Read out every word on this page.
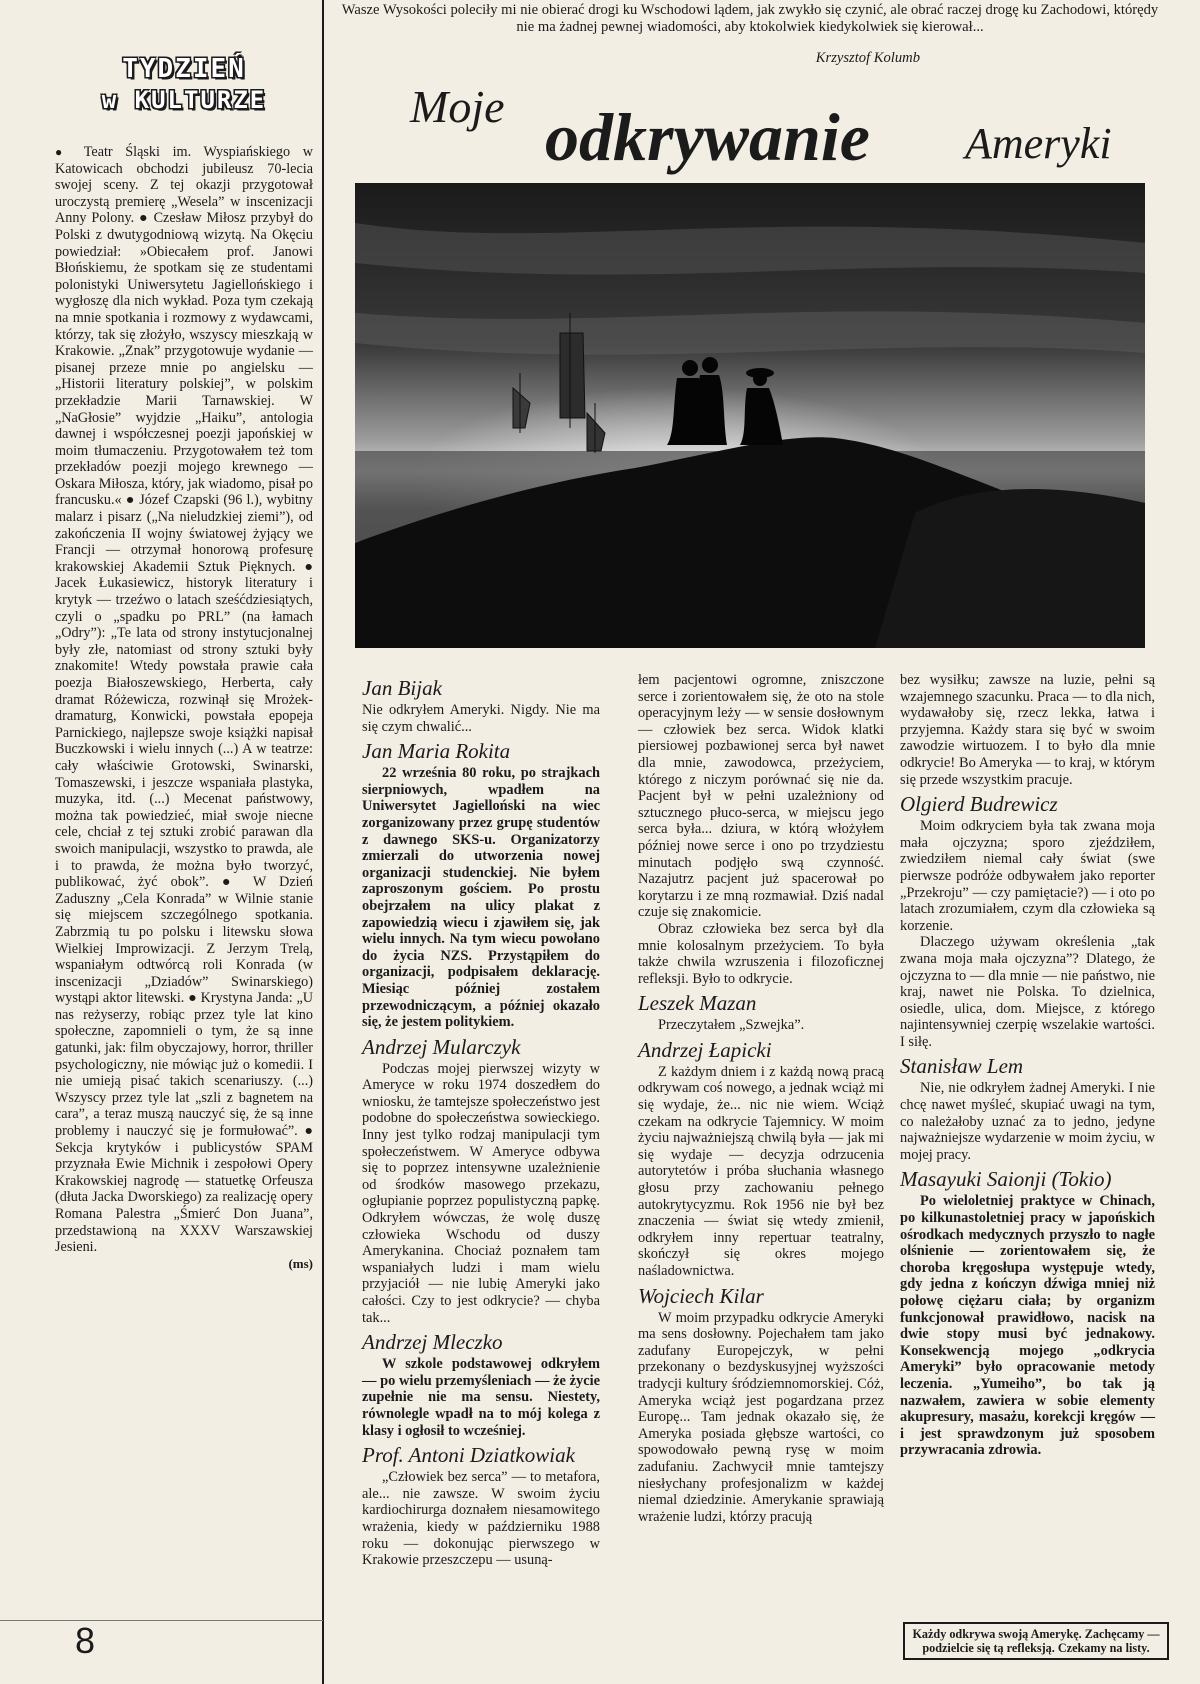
TYDZIEŃ
w KULTURZE
● Teatr Śląski im. Wyspiańskiego w Katowicach obchodzi jubileusz 70-lecia swojej sceny. Z tej okazji przygotował uroczystą premierę „Wesela” w inscenizacji Anny Polony. ● Czesław Miłosz przybył do Polski z dwutygodniową wizytą. Na Okęciu powiedział: »Obiecałem prof. Janowi Błońskiemu, że spotkam się ze studentami polonistyki Uniwersytetu Jagiellońskiego i wygłoszę dla nich wykład. Poza tym czekają na mnie spotkania i rozmowy z wydawcami, którzy, tak się złożyło, wszyscy mieszkają w Krakowie. „Znak” przygotowuje wydanie — pisanej przeze mnie po angielsku — „Historii literatury polskiej”, w polskim przekładzie Marii Tarnawskiej. W „NaGłosie” wyjdzie „Haiku”, antologia dawnej i współczesnej poezji japońskiej w moim tłumaczeniu. Przygotowałem też tom przekładów poezji mojego krewnego — Oskara Miłosza, który, jak wiadomo, pisał po francusku.« ● Józef Czapski (96 l.), wybitny malarz i pisarz („Na nieludzkiej ziemi”), od zakończenia II wojny światowej żyjący we Francji — otrzymał honorową profesurę krakowskiej Akademii Sztuk Pięknych. ● Jacek Łukasiewicz, historyk literatury i krytyk — trzeźwo o latach sześćdziesiątych, czyli o „spadku po PRL” (na łamach „Odry”): „Te lata od strony instytucjonalnej były złe, natomiast od strony sztuki były znakomite! Wtedy powstała prawie cała poezja Białoszewskiego, Herberta, cały dramat Różewicza, rozwinął się Mrożek-dramaturg, Konwicki, powstała epopeja Parnickiego, najlepsze swoje książki napisał Buczkowski i wielu innych (...) A w teatrze: cały właściwie Grotowski, Swinarski, Tomaszewski, i jeszcze wspaniała plastyka, muzyka, itd. (...) Mecenat państwowy, można tak powiedzieć, miał swoje niecne cele, chciał z tej sztuki zrobić parawan dla swoich manipulacji, wszystko to prawda, ale i to prawda, że można było tworzyć, publikować, żyć obok”. ● W Dzień Zaduszny „Cela Konrada” w Wilnie stanie się miejscem szczególnego spotkania. Zabrzmią tu po polsku i litewsku słowa Wielkiej Improwizacji. Z Jerzym Trelą, wspaniałym odtwórcą roli Konrada (w inscenizacji „Dziadów” Swinarskiego) wystąpi aktor litewski. ● Krystyna Janda: „U nas reżyserzy, robiąc przez tyle lat kino społeczne, zapomnieli o tym, że są inne gatunki, jak: film obyczajowy, horror, thriller psychologiczny, nie mówiąc już o komedii. I nie umieją pisać takich scenariuszy. (...) Wszyscy przez tyle lat „szli z bagnetem na cara”, a teraz muszą nauczyć się, że są inne problemy i nauczyć się je formułować”. ● Sekcja krytyków i publicystów SPAM przyznała Ewie Michnik i zespołowi Opery Krakowskiej nagrodę — statuetkę Orfeusza (dłuta Jacka Dworskiego) za realizację opery Romana Palestra „Śmierć Don Juana”, przedstawioną na XXXV Warszawskiej Jesieni.
(ms)
8
Wasze Wysokości poleciły mi nie obierać drogi ku Wschodowi lądem, jak zwykło się czynić, ale obrać raczej drogę ku Zachodowi, którędy nie ma żadnej pewnej wiadomości, aby ktokolwiek kiedykolwiek się kierował...
Krzysztof Kolumb
Moje odkrywanie Ameryki
Jan Bijak

Nie odkryłem Ameryki. Nigdy. Nie ma się czym chwalić...

Jan Maria Rokita

22 września 80 roku, po strajkach sierpniowych, wpadłem na Uniwersytet Jagielloński na wiec zorganizowany przez grupę studentów z dawnego SKS-u. Organizatorzy zmierzali do utworzenia nowej organizacji studenckiej. Nie byłem zaproszonym gościem. Po prostu obejrzałem na ulicy plakat z zapowiedzią wiecu i zjawiłem się, jak wielu innych. Na tym wiecu powołano do życia NZS. Przystąpiłem do organizacji, podpisałem deklarację. Miesiąc później zostałem przewodniczącym, a później okazało się, że jestem politykiem.

Andrzej Mularczyk

Podczas mojej pierwszej wizyty w Ameryce w roku 1974 doszedłem do wniosku, że tamtejsze społeczeństwo jest podobne do społeczeństwa sowieckiego. Inny jest tylko rodzaj manipulacji tym społeczeństwem. W Ameryce odbywa się to poprzez intensywne uzależnienie od środków masowego przekazu, ogłupianie poprzez populistyczną papkę. Odkryłem wówczas, że wolę duszę człowieka Wschodu od duszy Amerykanina. Chociaż poznałem tam wspaniałych ludzi i mam wielu przyjaciół — nie lubię Ameryki jako całości. Czy to jest odkrycie? — chyba tak...

Andrzej Mleczko

W szkole podstawowej odkryłem — po wielu przemyśleniach — że życie zupełnie nie ma sensu. Niestety, równolegle wpadł na to mój kolega z klasy i ogłosił to wcześniej.

Prof. Antoni Dziatkowiak

„Człowiek bez serca” — to metafora, ale... nie zawsze. W swoim życiu kardiochirurga doznałem niesamowitego wrażenia, kiedy w październiku 1988 roku — dokonując pierwszego w Krakowie przeszczepu — usuną-

łem pacjentowi ogromne, zniszczone serce i zorientowałem się, że oto na stole operacyjnym leży — w sensie dosłownym — człowiek bez serca. Widok klatki piersiowej pozbawionej serca był nawet dla mnie, zawodowca, przeżyciem, którego z niczym porównać się nie da. Pacjent był w pełni uzależniony od sztucznego płuco-serca, w miejscu jego serca była... dziura, w którą włożyłem później nowe serce i ono po trzydziestu minutach podjęło swą czynność. Nazajutrz pacjent już spacerował po korytarzu i ze mną rozmawiał. Dziś nadal czuje się znakomicie.

Obraz człowieka bez serca był dla mnie kolosalnym przeżyciem. To była także chwila wzruszenia i filozoficznej refleksji. Było to odkrycie.

Leszek Mazan

Przeczytałem „Szwejka”.

Andrzej Łapicki

Z każdym dniem i z każdą nową pracą odkrywam coś nowego, a jednak wciąż mi się wydaje, że... nic nie wiem. Wciąż czekam na odkrycie Tajemnicy. W moim życiu najważniejszą chwilą była — jak mi się wydaje — decyzja odrzucenia autorytetów i próba słuchania własnego głosu przy zachowaniu pełnego autokrytycyzmu. Rok 1956 nie był bez znaczenia — świat się wtedy zmienił, odkryłem inny repertuar teatralny, skończył się okres mojego naśladownictwa.

Wojciech Kilar

W moim przypadku odkrycie Ameryki ma sens dosłowny. Pojechałem tam jako zadufany Europejczyk, w pełni przekonany o bezdyskusyjnej wyższości tradycji kultury śródziemnomorskiej. Cóż, Ameryka wciąż jest pogardzana przez Europę... Tam jednak okazało się, że Ameryka posiada głębsze wartości, co spowodowało pewną rysę w moim zadufaniu. Zachwycił mnie tamtejszy niesłychany profesjonalizm w każdej niemal dziedzinie. Amerykanie sprawiają wrażenie ludzi, którzy pracują

bez wysiłku; zawsze na luzie, pełni są wzajemnego szacunku. Praca — to dla nich, wydawałoby się, rzecz lekka, łatwa i przyjemna. Każdy stara się być w swoim zawodzie wirtuozem. I to było dla mnie odkrycie! Bo Ameryka — to kraj, w którym się przede wszystkim pracuje.

Olgierd Budrewicz

Moim odkryciem była tak zwana moja mała ojczyzna; sporo zjeździłem, zwiedziłem niemal cały świat (swe pierwsze podróże odbywałem jako reporter „Przekroju” — czy pamiętacie?) — i oto po latach zrozumiałem, czym dla człowieka są korzenie.

Dlaczego używam określenia „tak zwana moja mała ojczyzna”? Dlatego, że ojczyzna to — dla mnie — nie państwo, nie kraj, nawet nie Polska. To dzielnica, osiedle, ulica, dom. Miejsce, z którego najintensywniej czerpię wszelakie wartości. I siłę.

Stanisław Lem

Nie, nie odkryłem żadnej Ameryki. I nie chcę nawet myśleć, skupiać uwagi na tym, co należałoby uznać za to jedno, jedyne najważniejsze wydarzenie w moim życiu, w mojej pracy.

Masayuki Saionji (Tokio)

Po wieloletniej praktyce w Chinach, po kilkunastoletniej pracy w japońskich ośrodkach medycznych przyszło to nagłe olśnienie — zorientowałem się, że choroba kręgosłupa występuje wtedy, gdy jedna z kończyn dźwiga mniej niż połowę ciężaru ciała; by organizm funkcjonował prawidłowo, nacisk na dwie stopy musi być jednakowy. Konsekwencją mojego „odkrycia Ameryki” było opracowanie metody leczenia. „Yumeiho”, bo tak ją nazwałem, zawiera w sobie elementy akupresury, masażu, korekcji kręgów — i jest sprawdzonym już sposobem przywracania zdrowia.

Każdy odkrywa swoją Amerykę. Zachęcamy — podzielcie się tą refleksją. Czekamy na listy.
